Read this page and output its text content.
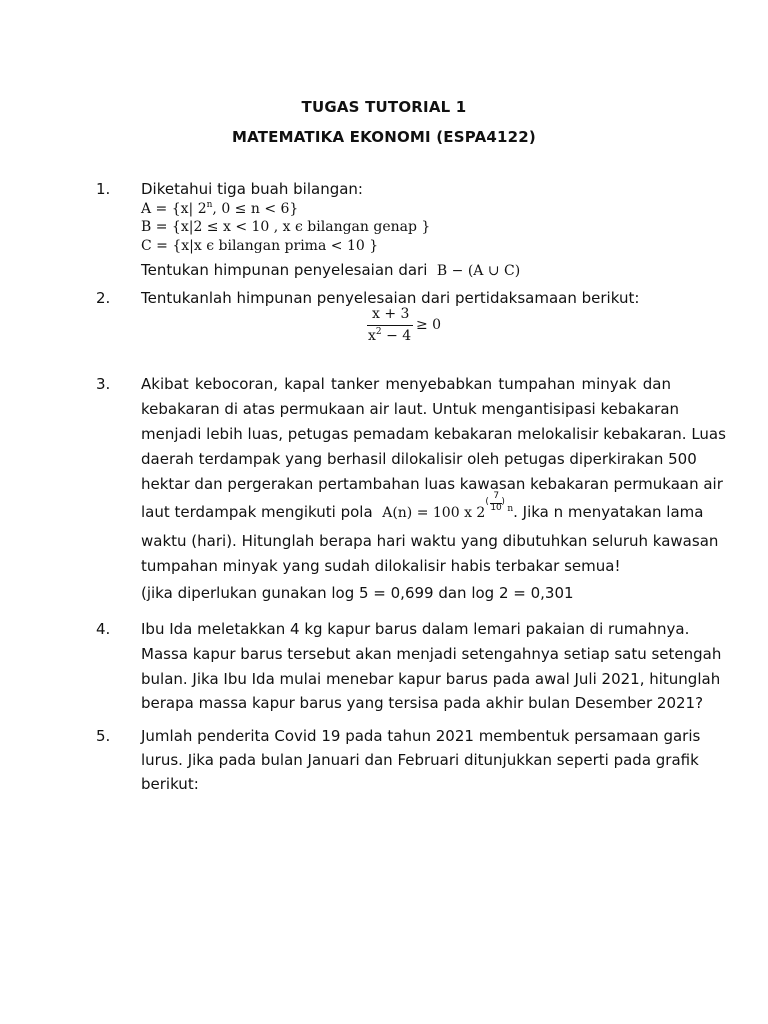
TUGAS TUTORIAL 1
MATEMATIKA EKONOMI (ESPA4122)
1. Diketahui tiga buah bilangan:
A = {x| 2$^n$, 0 ≤ n < 6}
B = {x|2 ≤ x < 10 , x ϵ bilangan genap }
C = {x|x ϵ bilangan prima < 10 }
Tentukan himpunan penyelesaian dari B − (A ∪ C)
2. Tentukanlah himpunan penyelesaian dari pertidaksamaan berikut:
x + 3
$x^2 - 4$
≥ 0
3. Akibat kebocoran, kapal tanker menyebabkan tumpahan minyak dan
kebakaran di atas permukaan air laut. Untuk mengantisipasi kebakaran
menjadi lebih luas, petugas pemadam kebakaran melokalisir kebakaran. Luas
daerah terdampak yang berhasil dilokalisir oleh petugas diperkirakan 500
hektar dan pergerakan pertambahan luas kawasan kebakaran permukaan air
laut terdampak mengikuti pola A(n) = 100 x 2
(
7
10
)
$^n$. Jika n menyatakan lama
waktu (hari). Hitunglah berapa hari waktu yang dibutuhkan seluruh kawasan
tumpahan minyak yang sudah dilokalisir habis terbakar semua!
(jika diperlukan gunakan log 5 = 0,699 dan log 2 = 0,301
4. Ibu Ida meletakkan 4 kg kapur barus dalam lemari pakaian di rumahnya.
Massa kapur barus tersebut akan menjadi setengahnya setiap satu setengah
bulan. Jika Ibu Ida mulai menebar kapur barus pada awal Juli 2021, hitunglah
berapa massa kapur barus yang tersisa pada akhir bulan Desember 2021?
5. Jumlah penderita Covid 19 pada tahun 2021 membentuk persamaan garis
lurus. Jika pada bulan Januari dan Februari ditunjukkan seperti pada grafik
berikut:
